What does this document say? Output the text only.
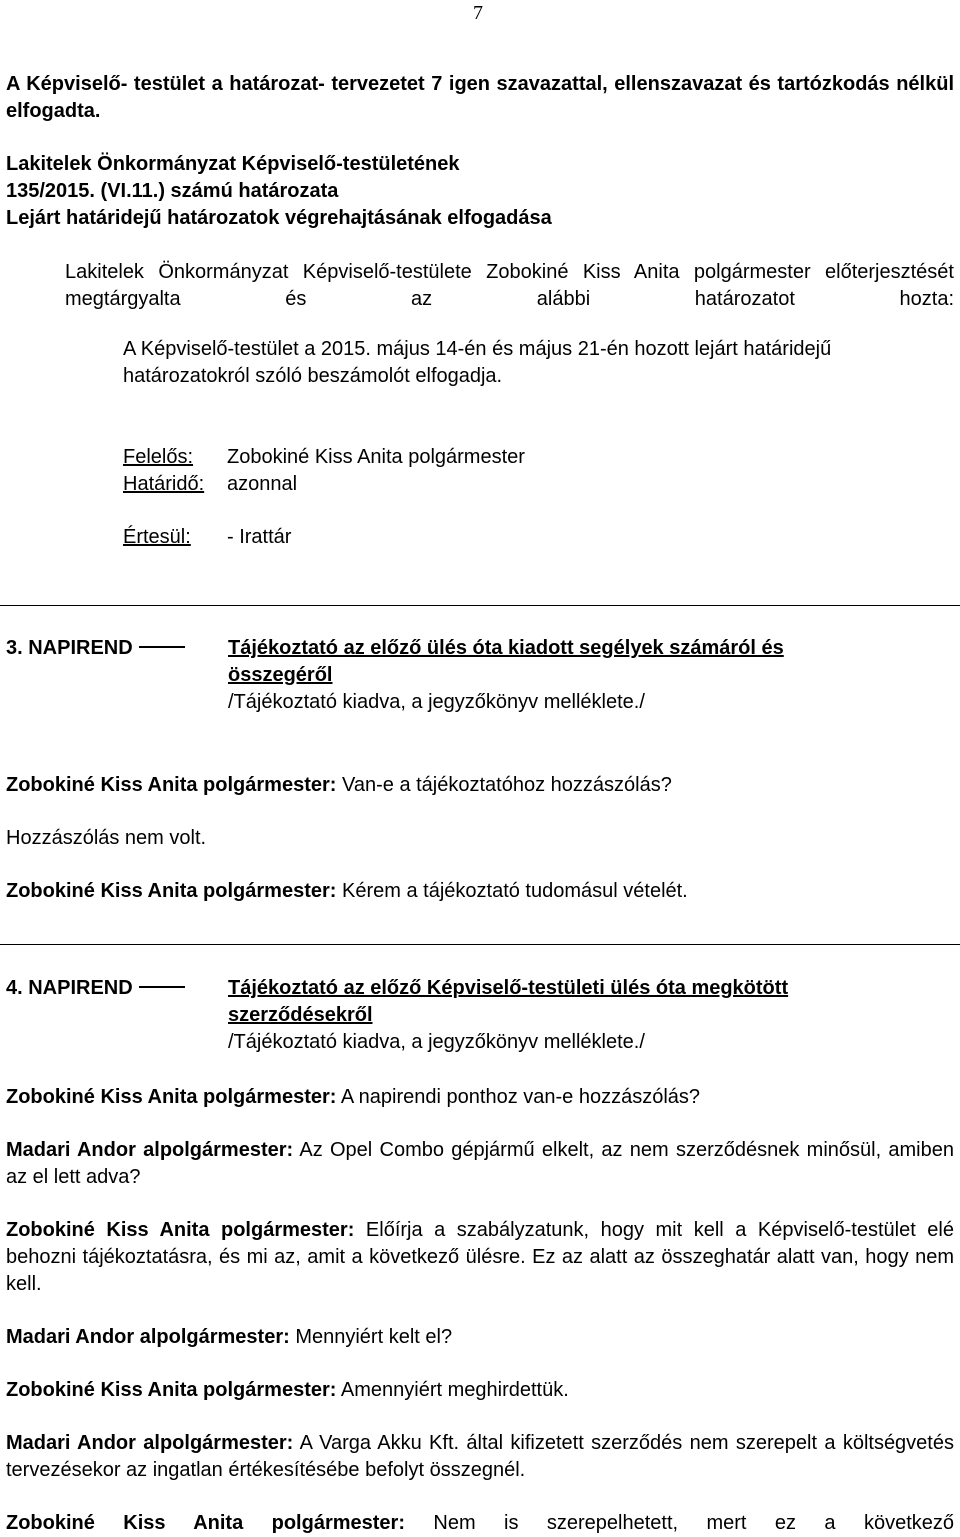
7

A Képviselő- testület a határozat- tervezetet 7 igen szavazattal, ellenszavazat és tartózkodás nélkül elfogadta.

Lakitelek Önkormányzat Képviselő-testületének

135/2015. (VI.11.) számú határozata

Lejárt határidejű határozatok végrehajtásának elfogadása

Lakitelek Önkormányzat Képviselő-testülete Zobokiné Kiss Anita polgármester előterjesztését megtárgyalta és az alábbi határozatot hozta:

A Képviselő-testület a 2015. május 14-én és május 21-én hozott lejárt határidejű határozatokról szóló beszámolót elfogadja.

Felelős: Zobokiné Kiss Anita polgármester

Határidő: azonnal

Értesül: - Irattár

3. NAPIREND	Tájékoztató az előző ülés óta kiadott segélyek számáról és

összegéről

/Tájékoztató kiadva, a jegyzőkönyv melléklete./

Zobokiné Kiss Anita polgármester: Van-e a tájékoztatóhoz hozzászólás?

Hozzászólás nem volt.

Zobokiné Kiss Anita polgármester: Kérem a tájékoztató tudomásul vételét.

4. NAPIREND	Tájékoztató az előző Képviselő-testületi ülés óta megkötött

szerződésekről

/Tájékoztató kiadva, a jegyzőkönyv melléklete./

Zobokiné Kiss Anita polgármester: A napirendi ponthoz van-e hozzászólás?

Madari Andor alpolgármester: Az Opel Combo gépjármű elkelt, az nem szerződésnek minősül, amiben az el lett adva?

Zobokiné Kiss Anita polgármester: Előírja a szabályzatunk, hogy mit kell a Képviselő-testület elé behozni tájékoztatásra, és mi az, amit a következő ülésre. Ez az alatt az összeghatár alatt van, hogy nem kell.

Madari Andor alpolgármester: Mennyiért kelt el?

Zobokiné Kiss Anita polgármester: Amennyiért meghirdettük.

Madari Andor alpolgármester: A Varga Akku Kft. által kifizetett szerződés nem szerepelt a költségvetés tervezésekor az ingatlan értékesítésébe befolyt összegnél.

Zobokiné Kiss Anita polgármester: Nem is szerepelhetett, mert ez a következő
